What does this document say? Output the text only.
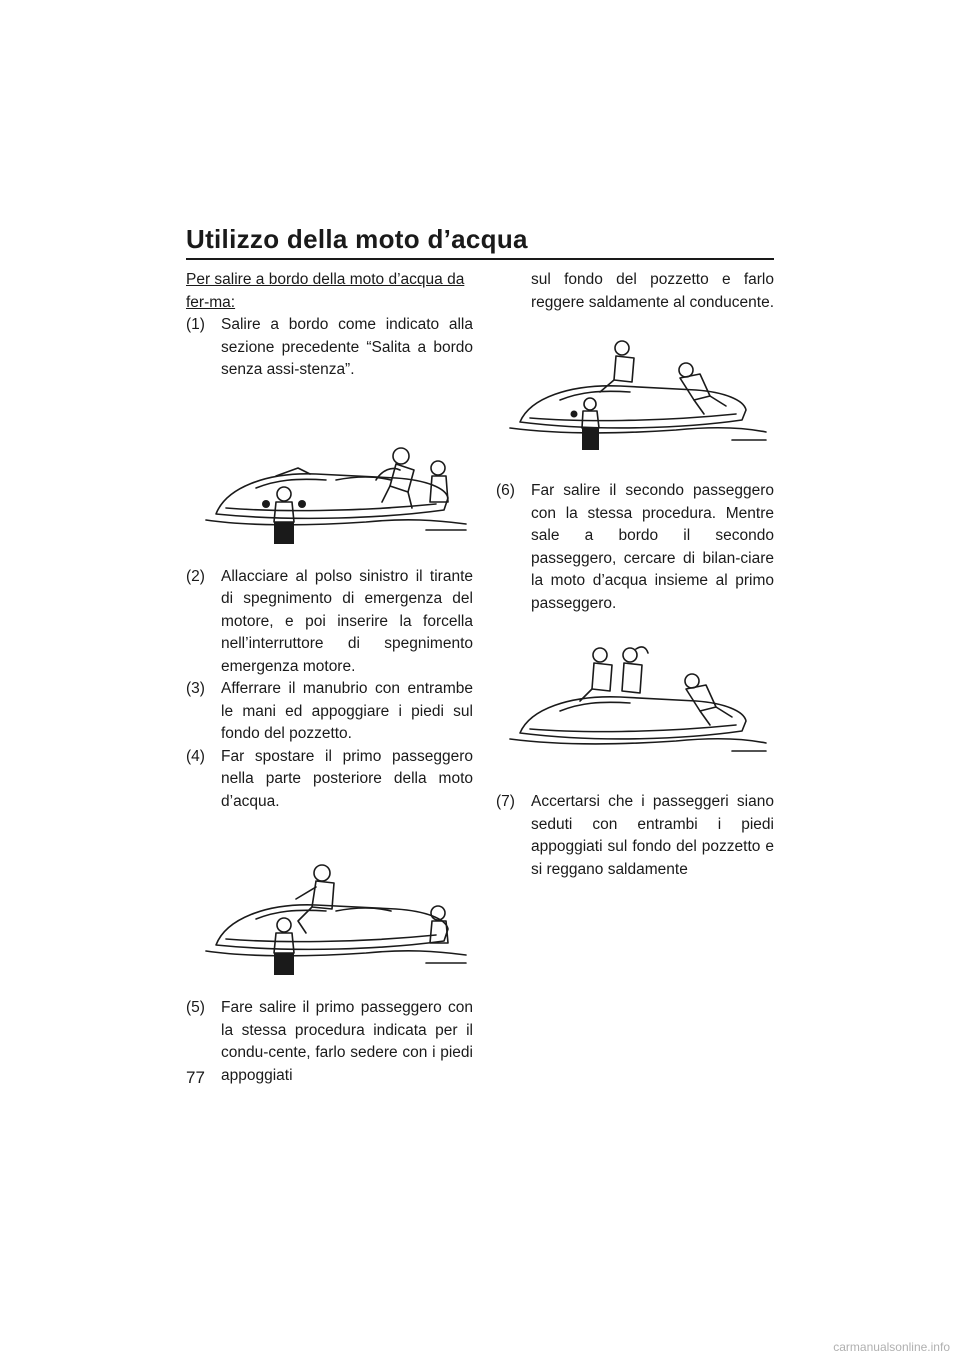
Utilizzo della moto d’acqua
Per salire a bordo della moto d’acqua da fer-ma:
(1) Salire a bordo come indicato alla sezione precedente “Salita a bordo senza assi-stenza”.
(2) Allacciare al polso sinistro il tirante di spegnimento di emergenza del motore, e poi inserire la forcella nell’interruttore di spegnimento emergenza motore.
(3) Afferrare il manubrio con entrambe le mani ed appoggiare i piedi sul fondo del pozzetto.
(4) Far spostare il primo passeggero nella parte posteriore della moto d’acqua.
(5) Fare salire il primo passeggero con la stessa procedura indicata per il condu-cente, farlo sedere con i piedi appoggiati
sul fondo del pozzetto e farlo reggere saldamente al conducente.
(6) Far salire il secondo passeggero con la stessa procedura. Mentre sale a bordo il secondo passeggero, cercare di bilan-ciare la moto d’acqua insieme al primo passeggero.
(7) Accertarsi che i passeggeri siano seduti con entrambi i piedi appoggiati sul fondo del pozzetto e si reggano saldamente
77
carmanualsonline.info
